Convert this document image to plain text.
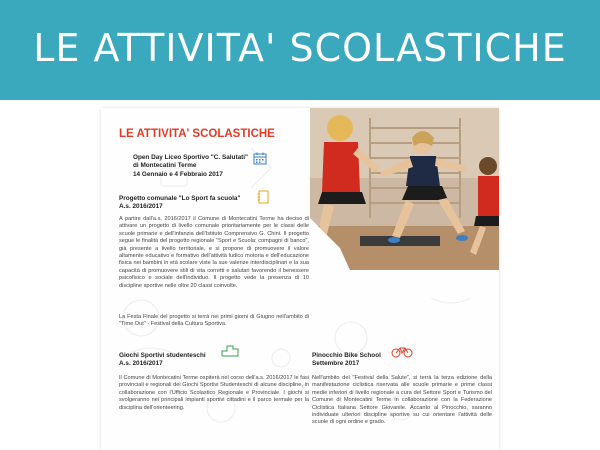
LE ATTIVITA' SCOLASTICHE
LE ATTIVITA' SCOLASTICHE
Open Day Liceo Sportivo "C. Salutati"
di Montecatini Terme
14 Gennaio e 4 Febbraio 2017
Progetto comunale "Lo Sport fa scuola"
A.s. 2016/2017
A partire dall'a.s. 2016/2017 il Comune di Montecatini Terme ha deciso di attivare un progetto di livello comunale prioritariamente per le classi delle scuole primarie e dell'infanzia dell'Istituto Comprensivo G. Chini. Il progetto segue le finalità del progetto regionale "Sport e Scuola: compagni di banco", già presente a livello territoriale, e si propone di promuovere il valore altamente educativo e formativo dell'attività ludico motoria e dell'educazione fisica nei bambini in età scolare viste la sue valenze interdisciplinari e la sua capacità di promuovere stili di vita corretti e salutari favorendo il benessere psicofisico e sociale dell'individuo. Il progetto vede la presenza di 10 discipline sportive nelle oltre 20 classi coinvolte.
La Festa Finale del progetto si terrà nei primi giorni di Giugno nell'ambito di "Time Out" - Festival della Cultura Sportiva.
Giochi Sportivi studenteschi
A.s. 2016/2017
Il Comune di Montecatini Terme ospiterà nel corso dell'a.s. 2016/2017 le fasi provinciali e regionali dei Giochi Sportivi Studenteschi di alcune discipline, in collaborazione con l'Ufficio Scolastico Regionale e Provinciale. I giochi si svolgeranno nei principali impianti sportivi cittadini e il parco termale per la disciplina dell'orienteering.
Pinocchio Bike School
Settembre 2017
Nell'ambito del "Festival della Salute", si terrà la terza edizione della manifestazione ciclistica riservata alle scuole primarie e prime classi medie inferiori di livello regionale a cura del Settore Sport e Turismo del Comune di Montecatini Terme in collaborazione con la Federazione Ciclistica Italiana Settore Giovanile. Accanto al Pinocchio, saranno individuate ulteriori discipline sportive su cui orientare l'attività delle scuole di ogni ordine e grado.
